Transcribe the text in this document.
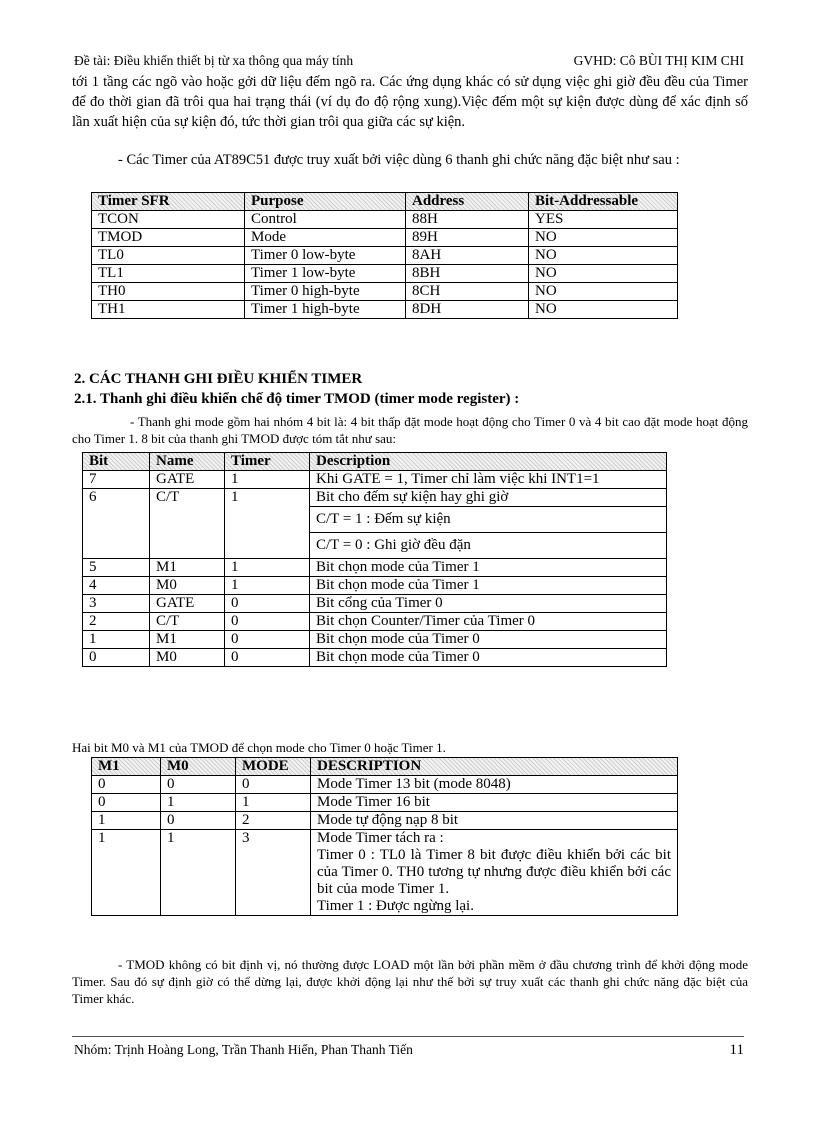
Đề tài: Điều khiển thiết bị từ xa thông qua máy tính	GVHD: Cô BÙI THỊ KIM CHI
tới 1 tầng các ngõ vào hoặc gởi dữ liệu đếm ngõ ra. Các ứng dụng khác có sử dụng việc ghi giờ đều đều của Timer để đo thời gian đã trôi qua hai trạng thái (ví dụ đo độ rộng xung).Việc đếm một sự kiện được dùng để xác định số lần xuất hiện của sự kiện đó, tức thời gian trôi qua giữa các sự kiện.
- Các Timer của AT89C51 được truy xuất bởi việc dùng 6 thanh ghi chức năng đặc biệt như sau :
Timer SFR	Purpose	Address	Bit-Addressable
TCON	Control	88H	YES
TMOD	Mode	89H	NO
TL0	Timer 0 low-byte	8AH	NO
TL1	Timer 1 low-byte	8BH	NO
TH0	Timer 0 high-byte	8CH	NO
TH1	Timer 1 high-byte	8DH	NO
2. CÁC THANH GHI ĐIỀU KHIỂN TIMER
2.1. Thanh ghi điều khiển chế độ timer TMOD (timer mode register) :
- Thanh ghi mode gồm hai nhóm 4 bit là: 4 bit thấp đặt mode hoạt động cho Timer 0 và 4 bit cao đặt mode hoạt động cho Timer 1. 8 bit của thanh ghi TMOD được tóm tắt như sau:
Bit	Name	Timer	Description
7	GATE	1	Khi GATE = 1, Timer chỉ làm việc khi INT1=1

6	C/T	1	Bit cho đếm sự kiện hay ghi giờ
C/T = 1 : Đếm sự kiện
C/T = 0 : Ghi giờ đều đặn

5	M1	1	Bit chọn mode của Timer 1

4	M0	1	Bit chọn mode của Timer 1

3	GATE	0	Bit cổng của Timer 0

2	C/T	0	Bit chọn Counter/Timer của Timer 0

1	M1	0	Bit chọn mode của Timer 0

0	M0	0	Bit chọn mode của Timer 0
Hai bit M0 và M1 của TMOD để chọn mode cho Timer 0 hoặc Timer 1.
M1	M0	MODE	DESCRIPTION
0	0	0	Mode Timer 13 bit (mode 8048)

0	1	1	Mode Timer 16 bit

1	0	2	Mode tự động nạp 8 bit

1	1	3	Mode Timer tách ra :
Timer 0 : TL0 là Timer 8 bit được điều khiển bởi các bit của Timer 0. TH0 tương tự nhưng được điều khiển bởi các bit của mode Timer 1.
Timer 1 : Được ngừng lại.
- TMOD không có bit định vị, nó thường được LOAD một lần bởi phần mềm ở đầu chương trình để khởi động mode Timer. Sau đó sự định giờ có thể dừng lại, được khởi động lại như thế bởi sự truy xuất các thanh ghi chức năng đặc biệt của Timer khác.
Nhóm: Trịnh Hoàng Long, Trần Thanh Hiển, Phan Thanh Tiến	11
